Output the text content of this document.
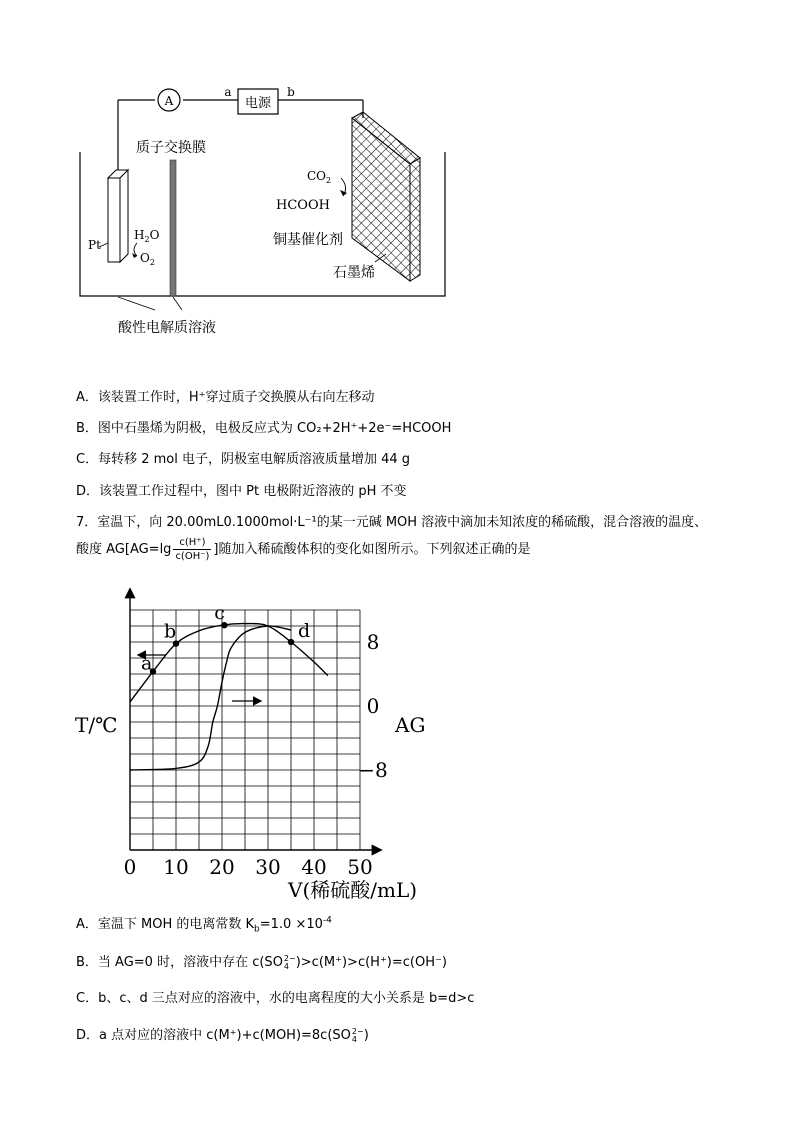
A	电源
a	b
Pt
$H_2O$
$O_2$
质子交换膜
酸性电解质溶液
$CO_2$
HCOOH
铜基催化剂
石墨烯
A．该装置工作时，H⁺穿过质子交换膜从右向左移动
B．图中石墨烯为阴极，电极反应式为 CO₂+2H⁺+2e⁻=HCOOH
C．每转移 2 mol 电子，阴极室电解质溶液质量增加 44 g
D．该装置工作过程中，图中 Pt 电极附近溶液的 pH 不变
7．室温下，向 20.00mL0.1000mol·L⁻¹的某一元碱 MOH 溶液中滴加未知浓度的稀硫酸，混合溶液的温度、
酸度 $AG[AG=\lg \frac{c(H^+)}{c(OH^-)}$ ]随加入稀硫酸体积的变化如图所示。下列叙述正确的是
0 10 20 30 40 50
8
0
−8
T/℃	AG
V(稀硫酸/mL)
a
b
c
d
A．室温下 MOH 的电离常数 $K_b=1.0 \times 10^{-4}$
B．当 AG=0 时，溶液中存在 c(SO 2−
4 )>c(M⁺)>c(H⁺)=c(OH⁻)
C．b、c、d 三点对应的溶液中，水的电离程度的大小关系是 b=d>c
D．a 点对应的溶液中 c(M⁺)+c(MOH)=8c(SO 2−
4 )
